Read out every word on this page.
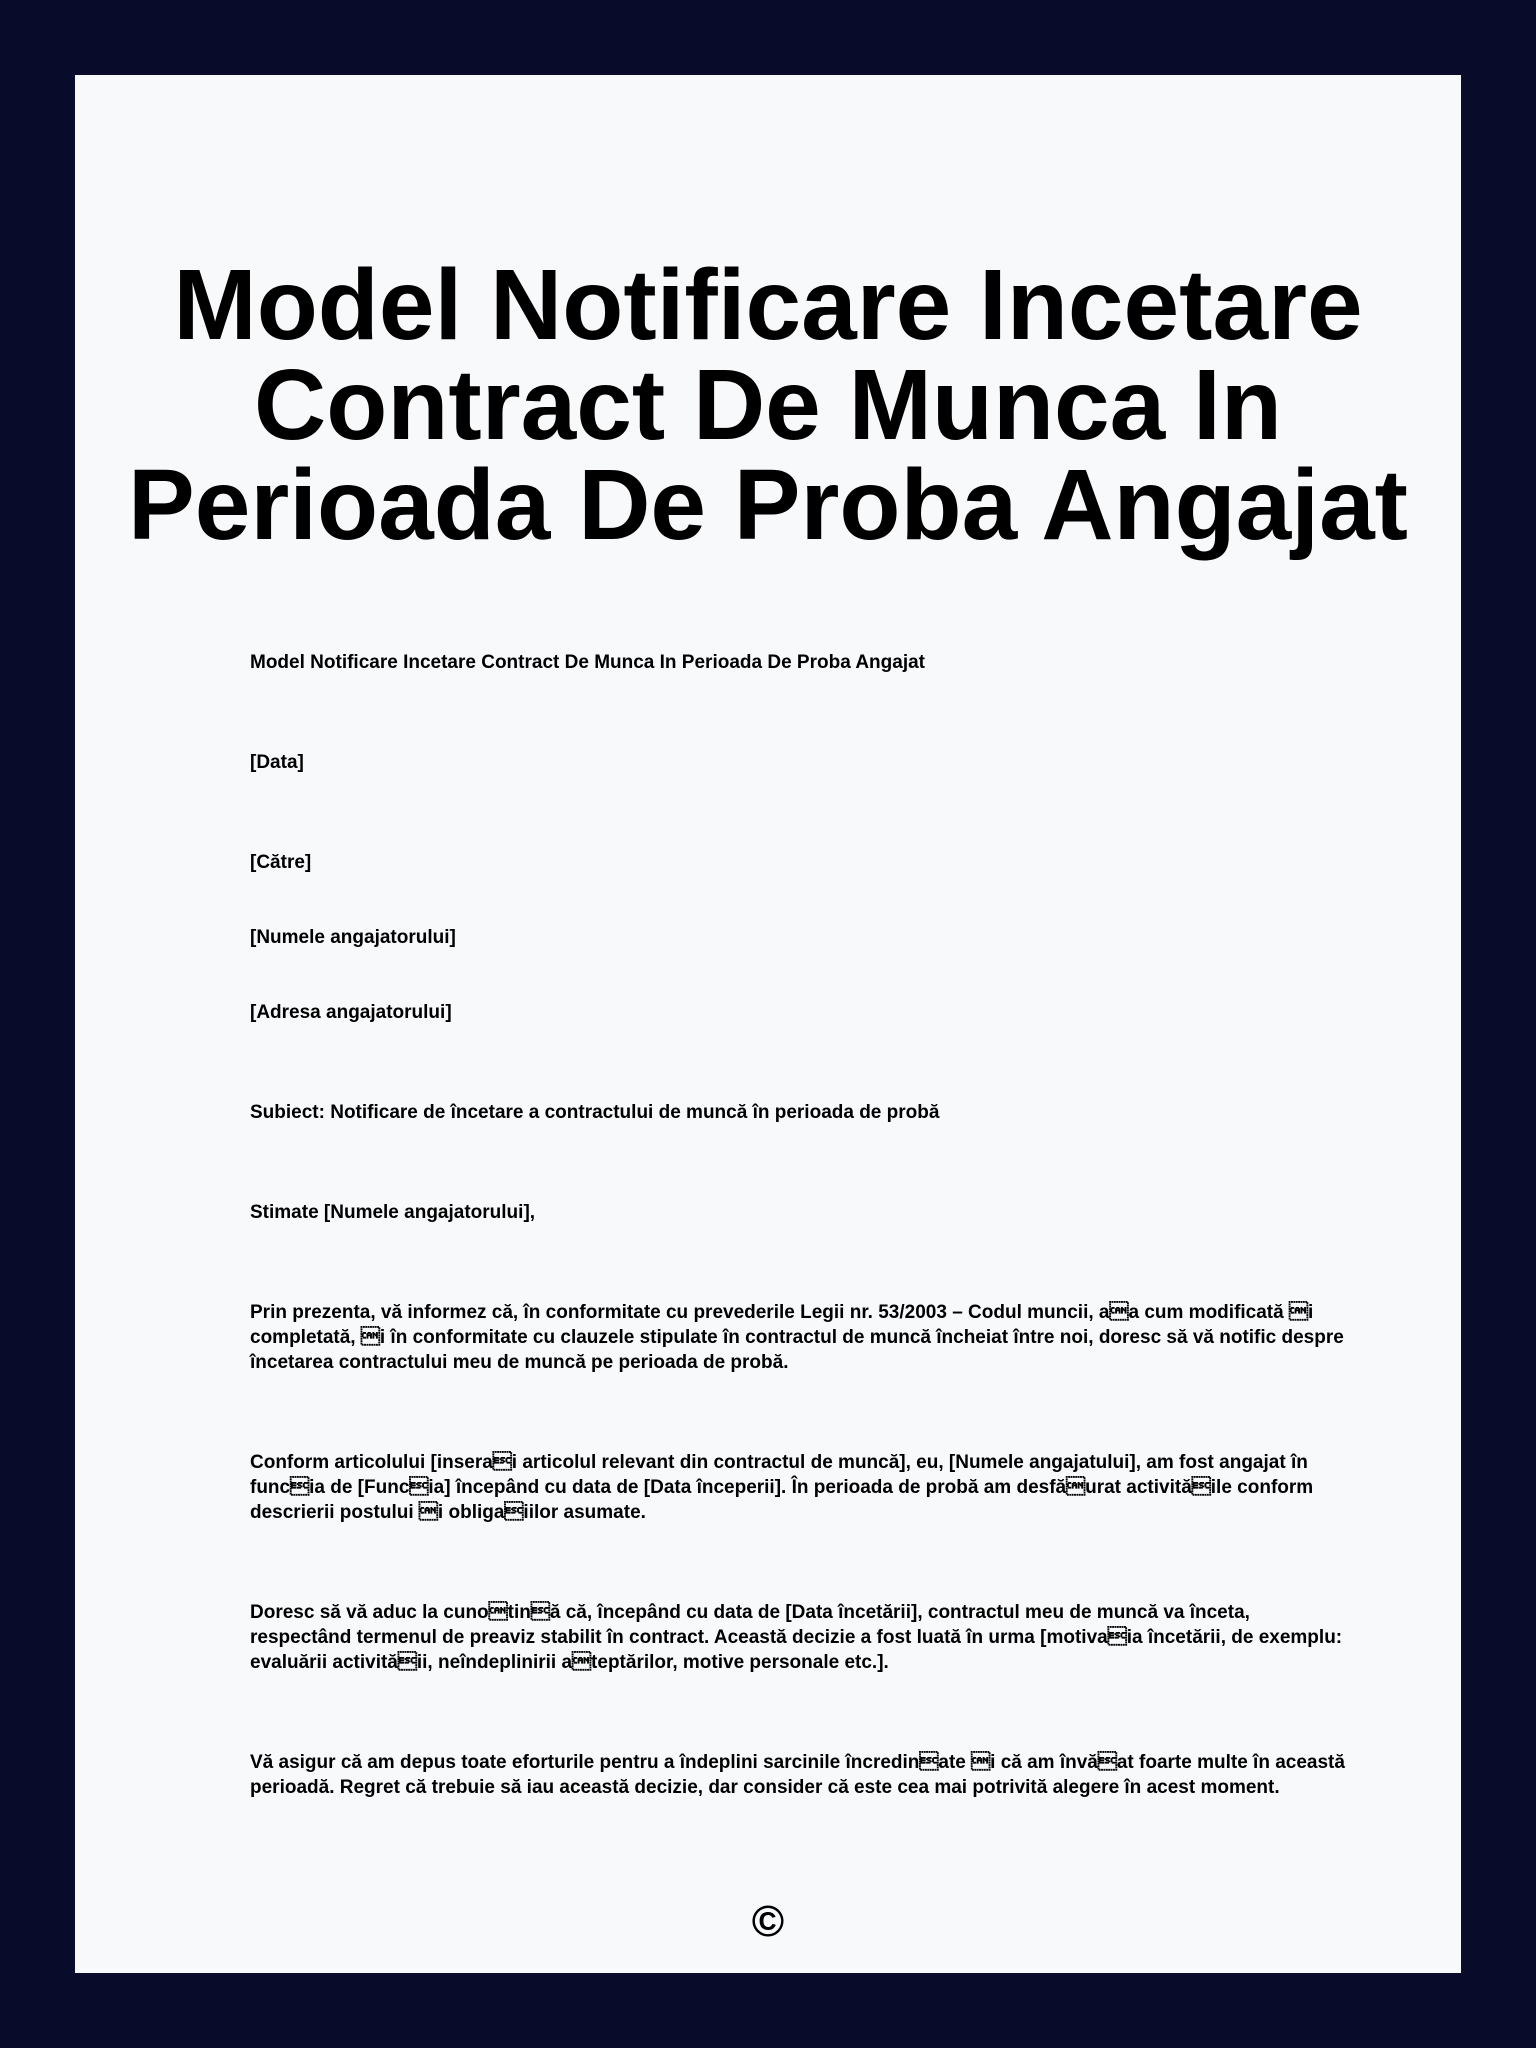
Model Notificare Incetare Contract De Munca In Perioada De Proba Angajat

Model Notificare Incetare Contract De Munca In Perioada De Proba Angajat

[Data]

[Către]

[Numele angajatorului]

[Adresa angajatorului]

Subiect: Notificare de încetare a contractului de muncă în perioada de probă

Stimate [Numele angajatorului],

Prin prezenta, vă informez că, în conformitate cu prevederile Legii nr. 53/2003 – Codul muncii, aa cum modificată i completată, i în conformitate cu clauzele stipulate în contractul de muncă încheiat între noi, doresc să vă notific despre încetarea contractului meu de muncă pe perioada de probă.

Conform articolului [inserai articolul relevant din contractul de muncă], eu, [Numele angajatului], am fost angajat în funcia de [Funcia] începând cu data de [Data începerii]. În perioada de probă am desfăurat activităile conform descrierii postului i obligaiilor asumate.

Doresc să vă aduc la cunotină că, începând cu data de [Data încetării], contractul meu de muncă va înceta, respectând termenul de preaviz stabilit în contract. Această decizie a fost luată în urma [motivaia încetării, de exemplu: evaluării activităii, neîndeplinirii ateptărilor, motive personale etc.].

Vă asigur că am depus toate eforturile pentru a îndeplini sarcinile încredinate i că am învăat foarte multe în această perioadă. Regret că trebuie să iau această decizie, dar consider că este cea mai potrivită alegere în acest moment.

©
